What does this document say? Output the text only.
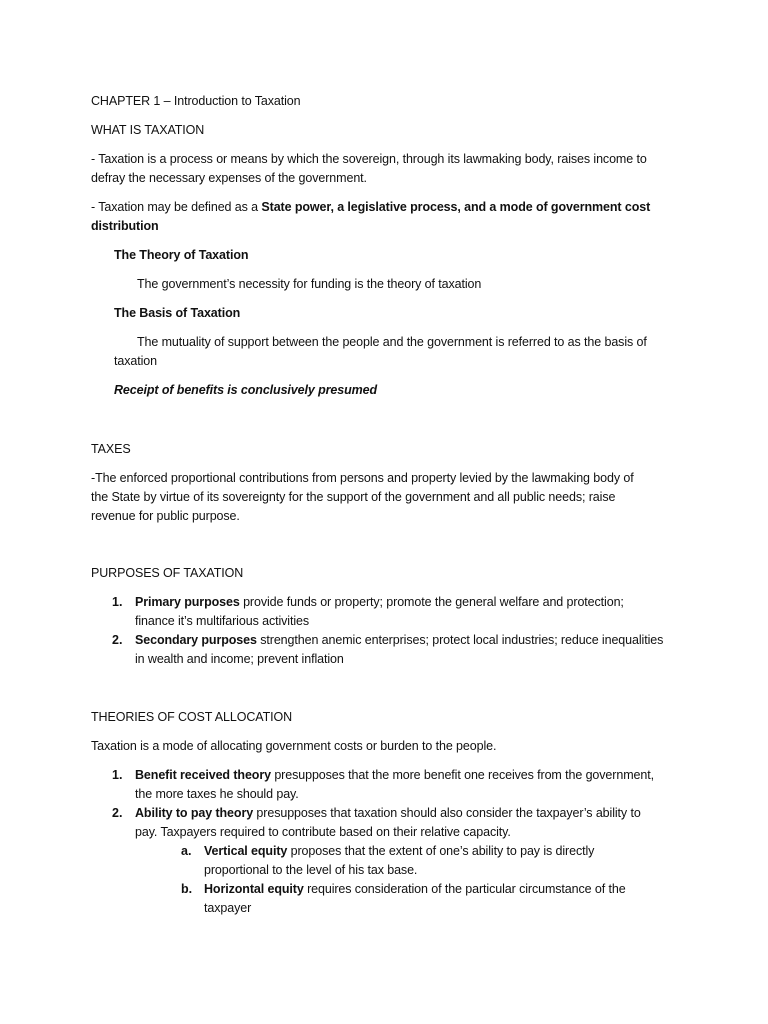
CHAPTER 1 – Introduction to Taxation
WHAT IS TAXATION
- Taxation is a process or means by which the sovereign, through its lawmaking body, raises income to
defray the necessary expenses of the government.
- Taxation may be defined as a State power, a legislative process, and a mode of government cost
distribution
The Theory of Taxation
The government’s necessity for funding is the theory of taxation
The Basis of Taxation
The mutuality of support between the people and the government is referred to as the basis of
taxation
Receipt of benefits is conclusively presumed
TAXES
-The enforced proportional contributions from persons and property levied by the lawmaking body of
the State by virtue of its sovereignty for the support of the government and all public needs; raise
revenue for public purpose.
PURPOSES OF TAXATION
1. Primary purposes provide funds or property; promote the general welfare and protection;
finance it’s multifarious activities
2. Secondary purposes strengthen anemic enterprises; protect local industries; reduce inequalities
in wealth and income; prevent inflation
THEORIES OF COST ALLOCATION
Taxation is a mode of allocating government costs or burden to the people.
1. Benefit received theory presupposes that the more benefit one receives from the government,
the more taxes he should pay.
2. Ability to pay theory presupposes that taxation should also consider the taxpayer’s ability to
pay. Taxpayers required to contribute based on their relative capacity.
a. Vertical equity proposes that the extent of one’s ability to pay is directly
proportional to the level of his tax base.
b. Horizontal equity requires consideration of the particular circumstance of the
taxpayer
